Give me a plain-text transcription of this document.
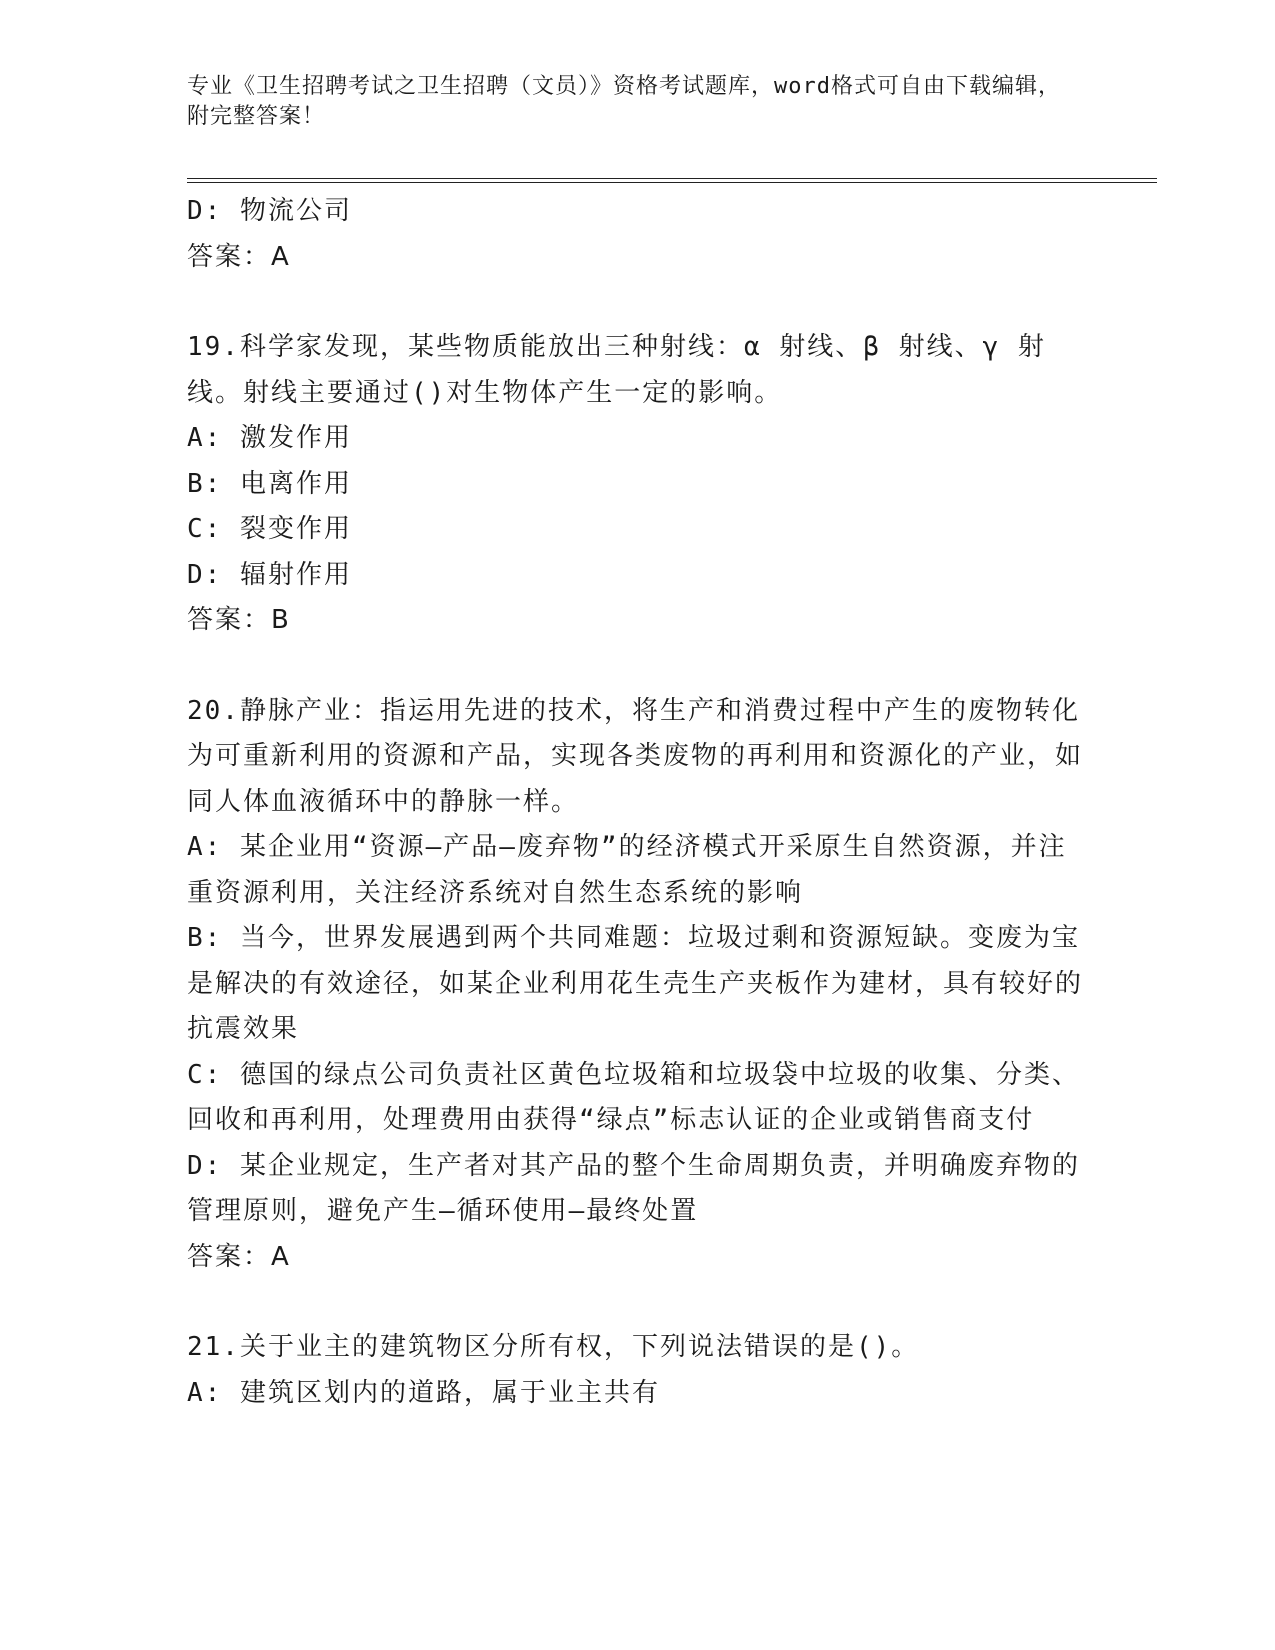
专业《卫生招聘考试之卫生招聘（文员）》资格考试题库，word格式可自由下载编辑，附完整答案！

D: 物流公司

答案：A

19.科学家发现，某些物质能放出三种射线：α 射线、β 射线、γ 射线。射线主要通过()对生物体产生一定的影响。

A: 激发作用

B: 电离作用

C: 裂变作用

D: 辐射作用

答案：B

20.静脉产业：指运用先进的技术，将生产和消费过程中产生的废物转化为可重新利用的资源和产品，实现各类废物的再利用和资源化的产业，如同人体血液循环中的静脉一样。

A: 某企业用“资源—产品—废弃物”的经济模式开采原生自然资源，并注重资源利用，关注经济系统对自然生态系统的影响

B: 当今，世界发展遇到两个共同难题：垃圾过剩和资源短缺。变废为宝是解决的有效途径，如某企业利用花生壳生产夹板作为建材，具有较好的抗震效果

C: 德国的绿点公司负责社区黄色垃圾箱和垃圾袋中垃圾的收集、分类、回收和再利用，处理费用由获得“绿点”标志认证的企业或销售商支付

D: 某企业规定，生产者对其产品的整个生命周期负责，并明确废弃物的管理原则，避免产生—循环使用—最终处置

答案：A

21.关于业主的建筑物区分所有权，下列说法错误的是()。

A: 建筑区划内的道路，属于业主共有
